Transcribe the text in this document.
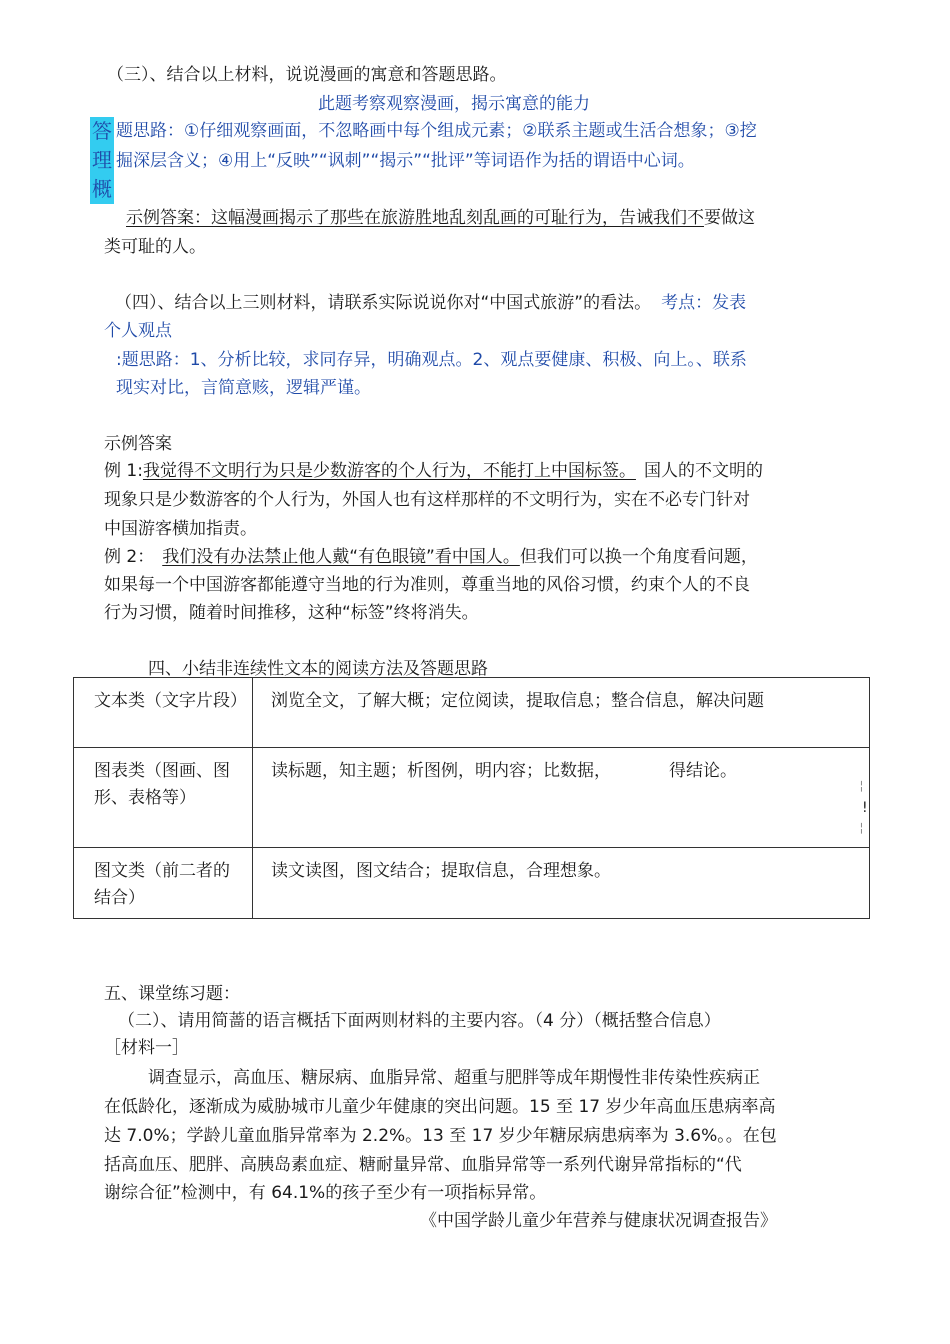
（三）、结合以上材料，说说漫画的寓意和答题思路。
此题考察观察漫画，揭示寓意的能力
答
理
概
题思路：①仔细观察画面，不忽略画中每个组成元素；②联系主题或生活合想象；③挖
掘深层含义；④用上“反映”“讽刺”“揭示”“批评”等词语作为括的谓语中心词。
示例答案：这幅漫画揭示了那些在旅游胜地乱刻乱画的可耻行为，告诫我们不要做这
类可耻的人。
（四）、结合以上三则材料，请联系实际说说你对“中国式旅游”的看法。 考点：发表
个人观点
:题思路：1、分析比较，求同存异，明确观点。2、观点要健康、积极、向上。、联系
现实对比，言简意赅，逻辑严谨。
示例答案
例 1:我觉得不文明行为只是少数游客的个人行为，不能打上中国标签。 国人的不文明的
现象只是少数游客的个人行为，外国人也有这样那样的不文明行为，实在不必专门针对
中国游客横加指责。
例 2： 我们没有办法禁止他人戴“有色眼镜”看中国人。但我们可以换一个角度看问题，
如果每一个中国游客都能遵守当地的行为准则，尊重当地的风俗习惯，约束个人的不良
行为习惯，随着时间推移，这种“标签”终将消失。
四、小结非连续性文本的阅读方法及答题思路
文本类（文字片段）	浏览全文，了解大概；定位阅读，提取信息；整合信息，解决问题
图表类（图画、图形、表格等）	读标题，知主题；析图例，明内容；比数据， 得结论。
图文类（前二者的结合）	读文读图，图文结合；提取信息，合理想象。
╎
!
╎
五、课堂练习题：
（二）、请用简蔷的语言概括下面两则材料的主要内容。（4 分）（概括整合信息）
［材料一］
调查显示，高血压、糖尿病、血脂异常、超重与肥胖等成年期慢性非传染性疾病正
在低龄化，逐渐成为威胁城市儿童少年健康的突出问题。15 至 17 岁少年高血压患病率高
达 7.0%；学龄儿童血脂异常率为 2.2%。13 至 17 岁少年糖尿病患病率为 3.6%。。在包
括高血压、肥胖、高胰岛素血症、糖耐量异常、血脂异常等一系列代谢异常指标的“代
谢综合征”检测中，有 64.1%的孩子至少有一项指标异常。
《中国学龄儿童少年营养与健康状况调查报告》
